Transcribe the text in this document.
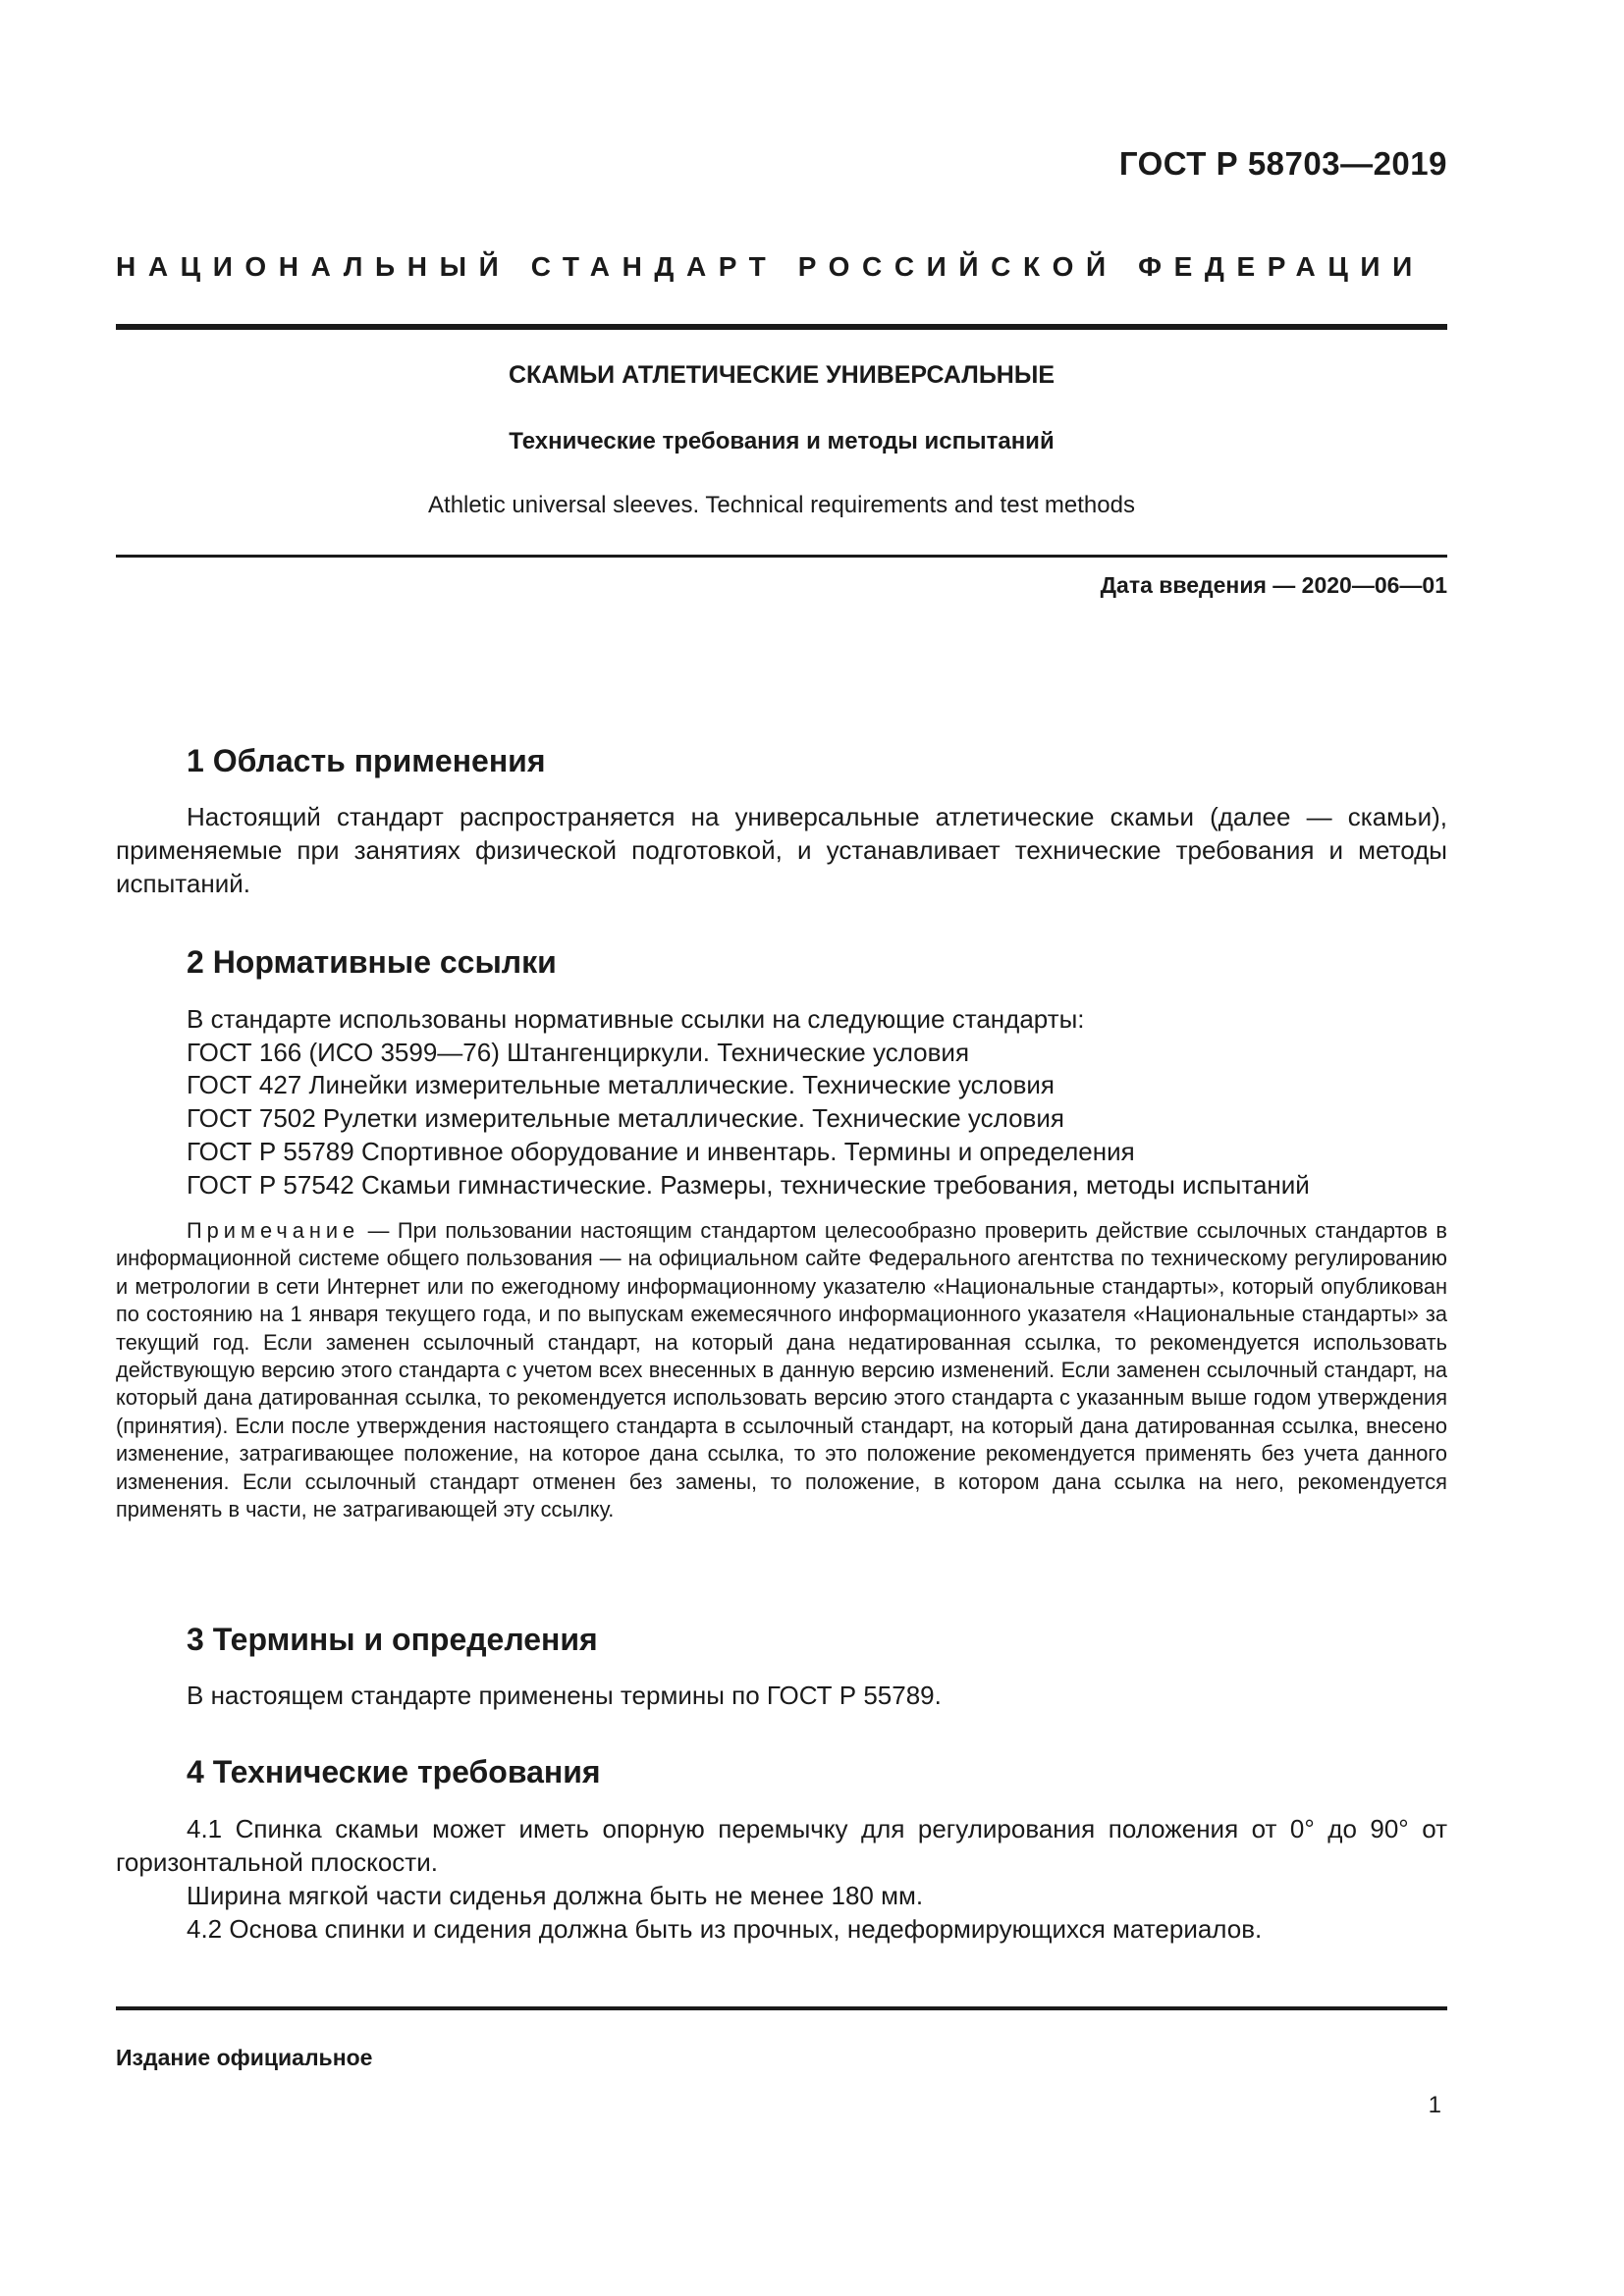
ГОСТ Р 58703—2019
НАЦИОНАЛЬНЫЙ СТАНДАРТ РОССИЙСКОЙ ФЕДЕРАЦИИ
СКАМЬИ АТЛЕТИЧЕСКИЕ УНИВЕРСАЛЬНЫЕ
Технические требования и методы испытаний
Athletic universal sleeves. Technical requirements and test methods
Дата введения — 2020—06—01
1 Область применения

Настоящий стандарт распространяется на универсальные атлетические скамьи (далее — скамьи), применяемые при занятиях физической подготовкой, и устанавливает технические требования и методы испытаний.

2 Нормативные ссылки
В стандарте использованы нормативные ссылки на следующие стандарты:
ГОСТ 166 (ИСО 3599—76) Штангенциркули. Технические условия
ГОСТ 427 Линейки измерительные металлические. Технические условия
ГОСТ 7502 Рулетки измерительные металлические. Технические условия
ГОСТ Р 55789 Спортивное оборудование и инвентарь. Термины и определения
ГОСТ Р 57542 Скамьи гимнастические. Размеры, технические требования, методы испытаний

Примечание — При пользовании настоящим стандартом целесообразно проверить действие ссылочных стандартов в информационной системе общего пользования — на официальном сайте Федерального агентства по техническому регулированию и метрологии в сети Интернет или по ежегодному информационному указателю «Национальные стандарты», который опубликован по состоянию на 1 января текущего года, и по выпускам ежемесячного информационного указателя «Национальные стандарты» за текущий год. Если заменен ссылочный стандарт, на который дана недатированная ссылка, то рекомендуется использовать действующую версию этого стандарта с учетом всех внесенных в данную версию изменений. Если заменен ссылочный стандарт, на который дана датированная ссылка, то рекомендуется использовать версию этого стандарта с указанным выше годом утверждения (принятия). Если после утверждения настоящего стандарта в ссылочный стандарт, на который дана датированная ссылка, внесено изменение, затрагивающее положение, на которое дана ссылка, то это положение рекомендуется применять без учета данного изменения. Если ссылочный стандарт отменен без замены, то положение, в котором дана ссылка на него, рекомендуется применять в части, не затрагивающей эту ссылку.

3 Термины и определения
В настоящем стандарте применены термины по ГОСТ Р 55789.
4 Технические требования

4.1 Спинка скамьи может иметь опорную перемычку для регулирования положения от 0° до 90° от горизонтальной плоскости.

Ширина мягкой части сиденья должна быть не менее 180 мм.
4.2 Основа спинки и сидения должна быть из прочных, недеформирующихся материалов.
Издание официальное
1
